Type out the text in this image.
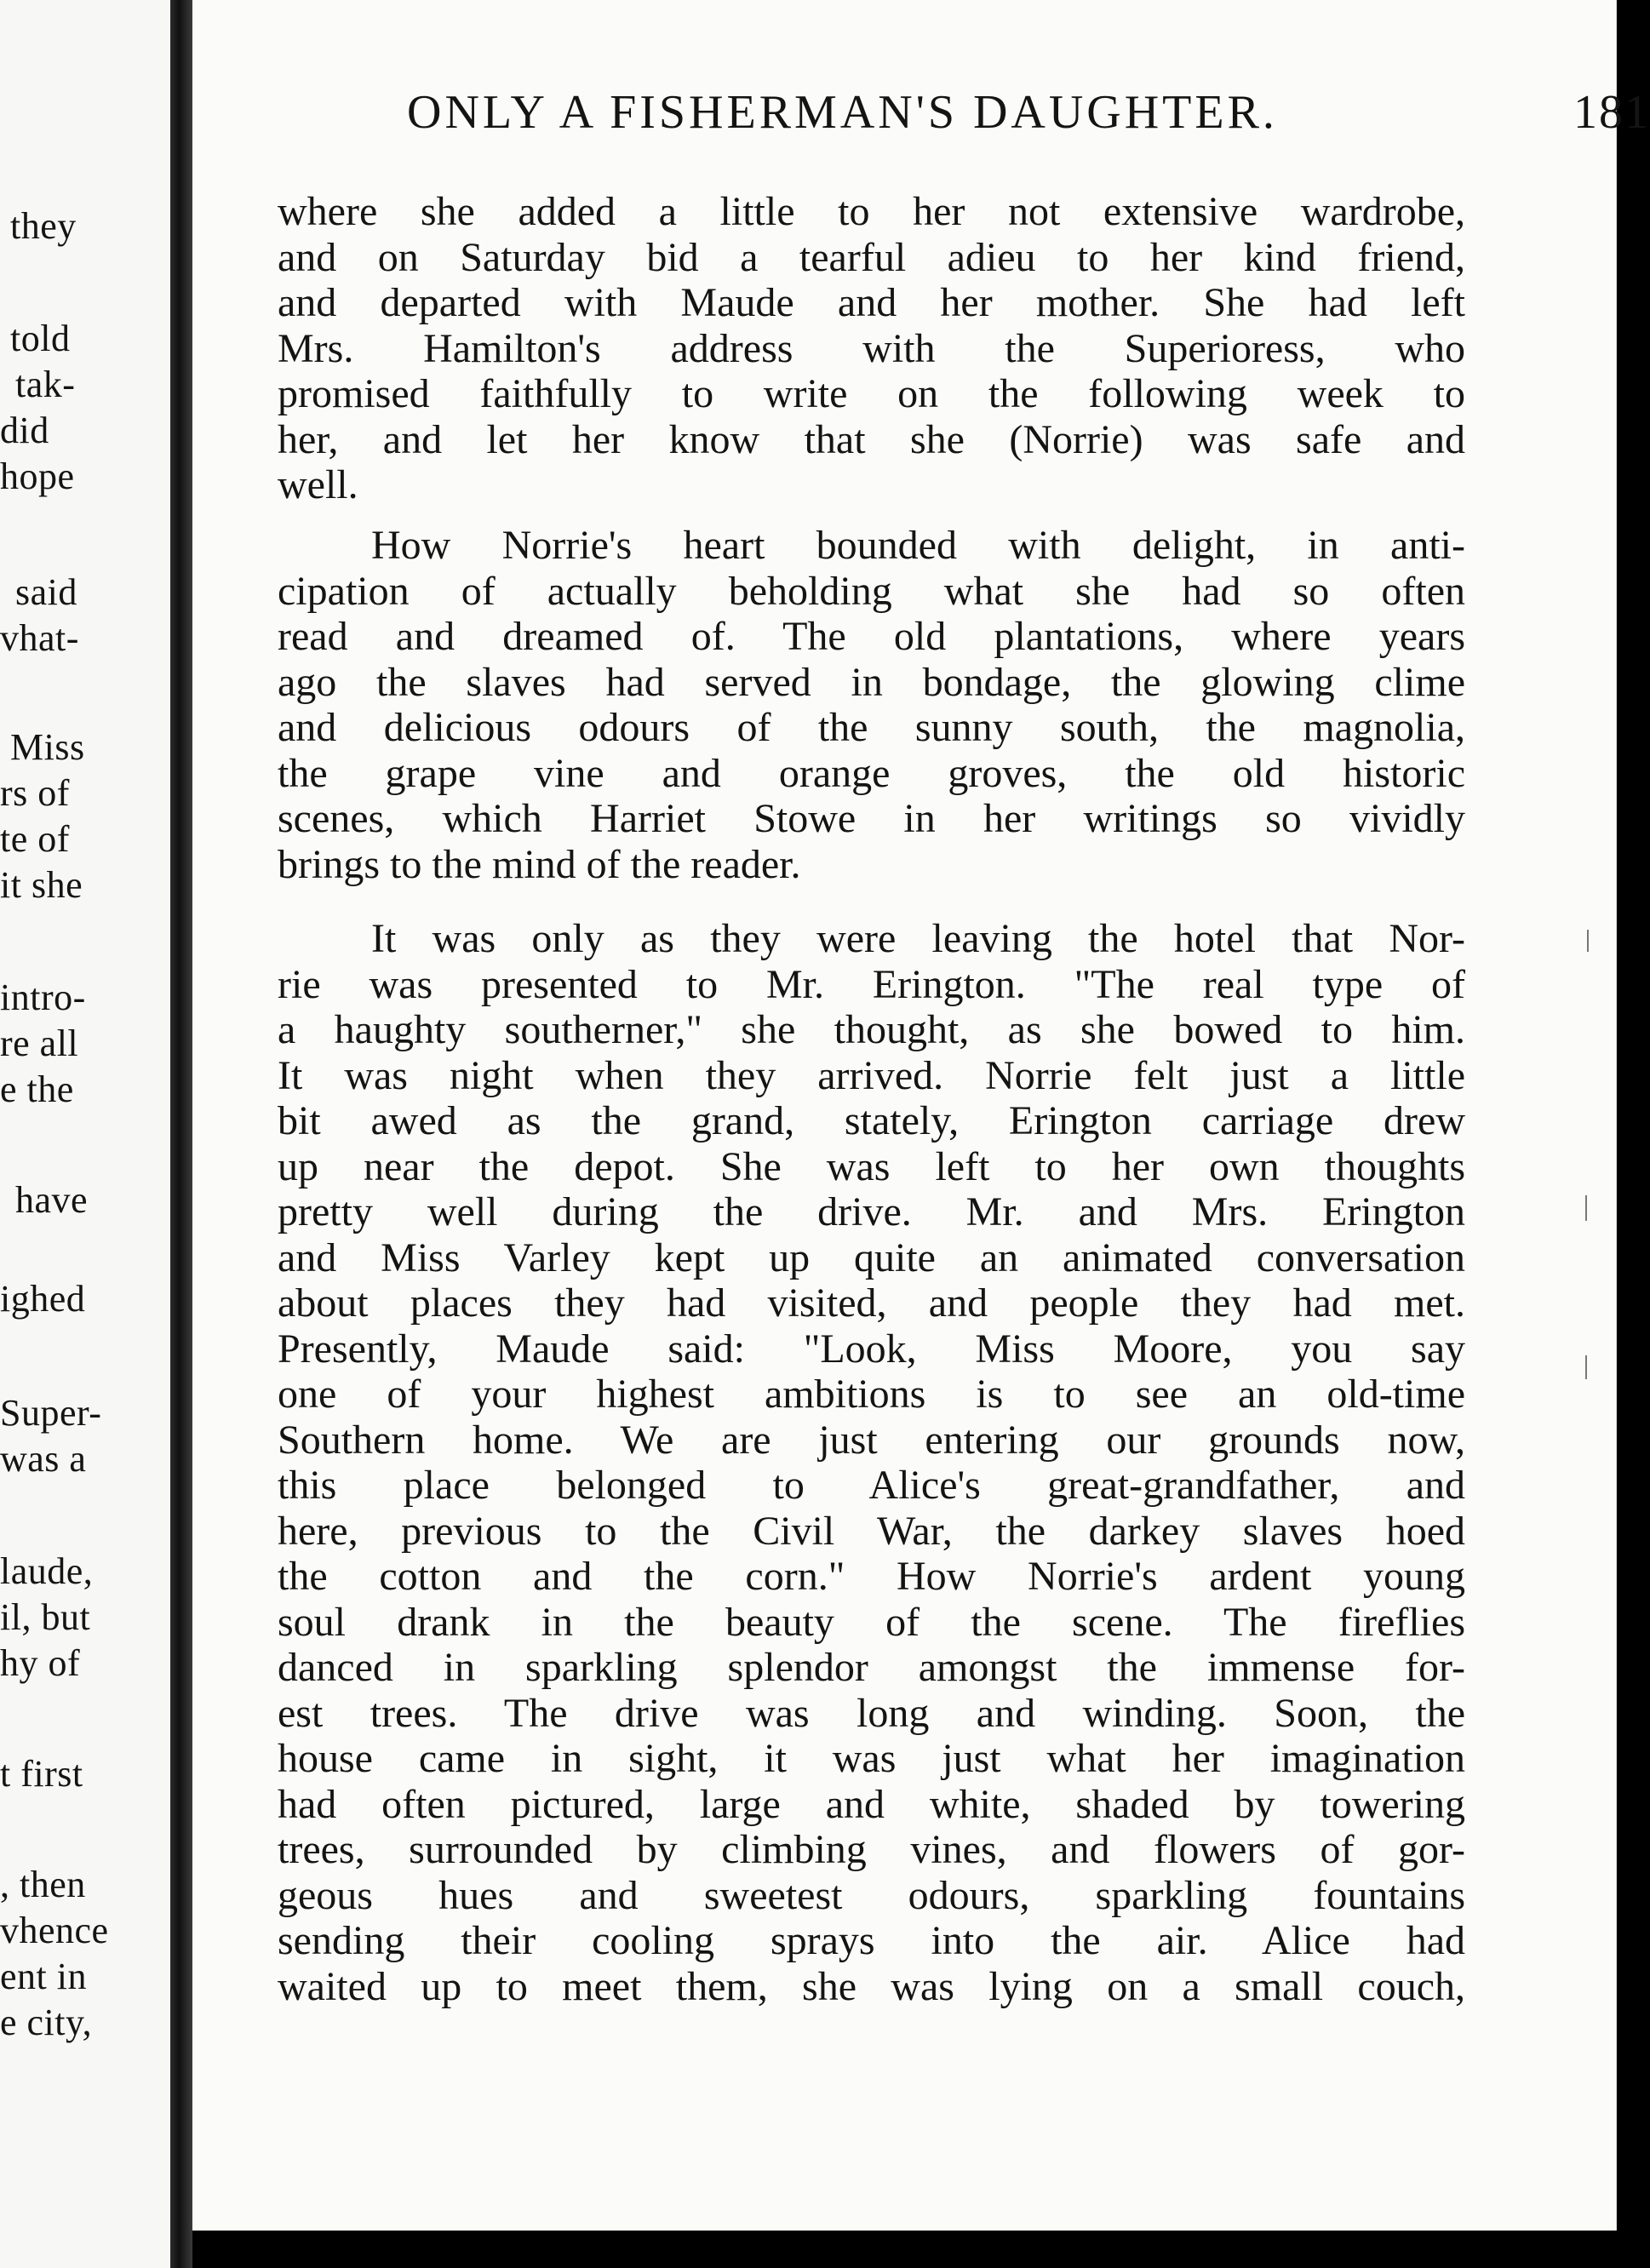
they
told
tak-
did
hope
said
vhat-
Miss
rs of
te of
it she
intro-
re all
e the
have
ighed
Super-
was a
laude,
il, but
hy of
t first
, then
vhence
ent in
e city,
ONLY A FISHERMAN'S DAUGHTER.	181
where she added a little to her not extensive wardrobe,
and on Saturday bid a tearful adieu to her kind friend,
and departed with Maude and her mother. She had left
Mrs. Hamilton's address with the Superioress, who
promised faithfully to write on the following week to
her, and let her know that she (Norrie) was safe and
well.
How Norrie's heart bounded with delight, in anti-
cipation of actually beholding what she had so often
read and dreamed of. The old plantations, where years
ago the slaves had served in bondage, the glowing clime
and delicious odours of the sunny south, the magnolia,
the grape vine and orange groves, the old historic
scenes, which Harriet Stowe in her writings so vividly
brings to the mind of the reader.
It was only as they were leaving the hotel that Nor-
rie was presented to Mr. Erington. "The real type of
a haughty southerner," she thought, as she bowed to him.
It was night when they arrived. Norrie felt just a little
bit awed as the grand, stately, Erington carriage drew
up near the depot. She was left to her own thoughts
pretty well during the drive. Mr. and Mrs. Erington
and Miss Varley kept up quite an animated conversation
about places they had visited, and people they had met.
Presently, Maude said: "Look, Miss Moore, you say
one of your highest ambitions is to see an old-time
Southern home. We are just entering our grounds now,
this place belonged to Alice's great-grandfather, and
here, previous to the Civil War, the darkey slaves hoed
the cotton and the corn." How Norrie's ardent young
soul drank in the beauty of the scene. The fireflies
danced in sparkling splendor amongst the immense for-
est trees. The drive was long and winding. Soon, the
house came in sight, it was just what her imagination
had often pictured, large and white, shaded by towering
trees, surrounded by climbing vines, and flowers of gor-
geous hues and sweetest odours, sparkling fountains
sending their cooling sprays into the air. Alice had
waited up to meet them, she was lying on a small couch,
